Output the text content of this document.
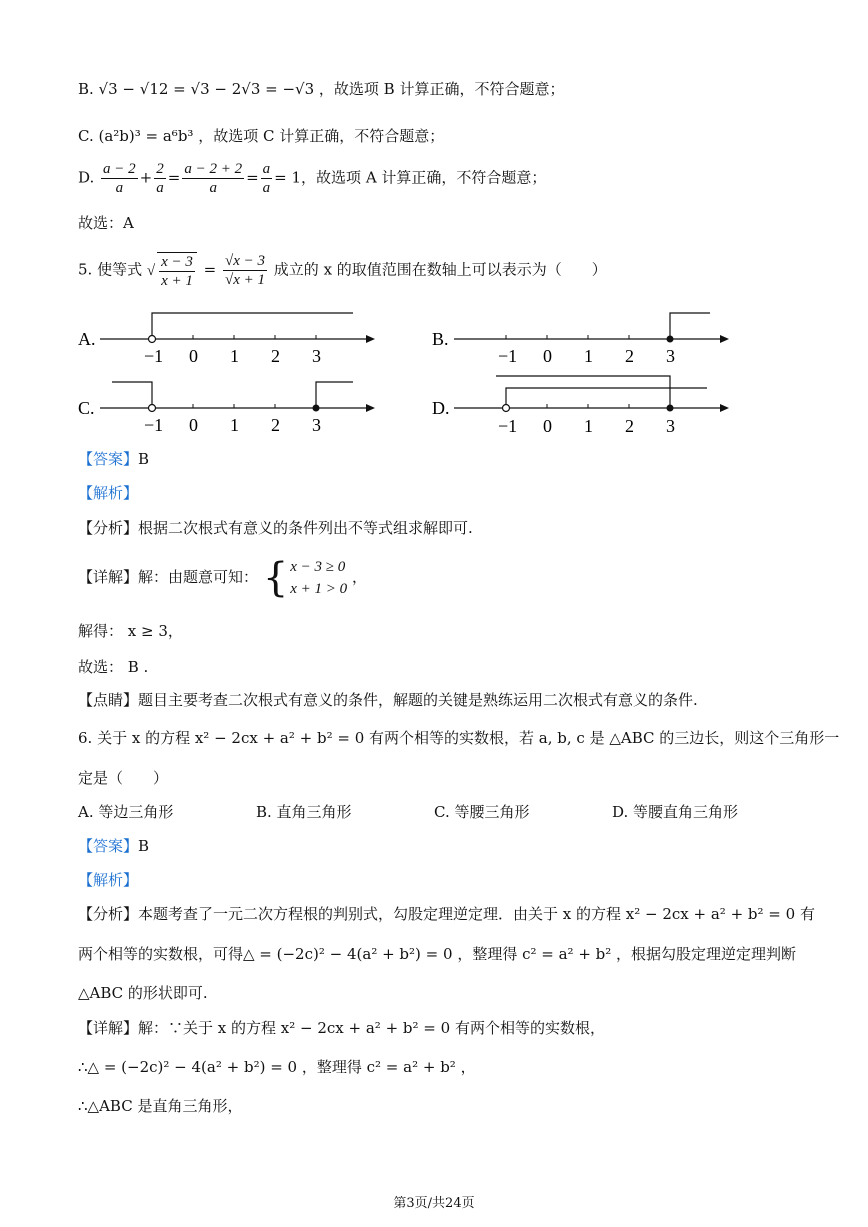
B. √3 − √12 = √3 − 2√3 = −√3 ，故选项 B 计算正确，不符合题意；
C. (a²b)³ = a⁶b³ ，故选项 C 计算正确，不符合题意；
D. $\frac{a - 2}{a} + \frac{2}{a} = \frac{a - 2 + 2}{a} = \frac{a}{a} = 1$，故选项 A 计算正确，不符合题意；
故选：A
5. 使等式 √ $\frac{x - 3}{x + 1} = \frac{√x - 3}{√x + 1}$ 成立的 x 的取值范围在数轴上可以表示为（　　）
A.
−1 0 1 2 3
B.
−1 0 1 2 3
C.
−1 0 1 2 3
D.
−1 0 1 2 3
【答案】B
【解析】
【分析】根据二次根式有意义的条件列出不等式组求解即可.
【详解】解：由题意可知： { x − 3 ≥ 0
x + 1 > 0
，
解得： x ≥ 3，
故选： B .
【点睛】题目主要考查二次根式有意义的条件，解题的关键是熟练运用二次根式有意义的条件.
6. 关于 x 的方程 x² − 2cx + a² + b² = 0 有两个相等的实数根，若 a, b, c 是 △ABC 的三边长，则这个三角形一
定是（　　）
A. 等边三角形	B. 直角三角形	C. 等腰三角形	D. 等腰直角三角形
【答案】B
【解析】
【分析】本题考查了一元二次方程根的判别式，勾股定理逆定理．由关于 x 的方程 x² − 2cx + a² + b² = 0 有
两个相等的实数根，可得△ = (−2c)² − 4(a² + b²) = 0 ，整理得 c² = a² + b² ，根据勾股定理逆定理判断
△ABC 的形状即可.
【详解】解：∵关于 x 的方程 x² − 2cx + a² + b² = 0 有两个相等的实数根，
∴△ = (−2c)² − 4(a² + b²) = 0 ，整理得 c² = a² + b² ，
∴△ABC 是直角三角形，
第3页/共24页
